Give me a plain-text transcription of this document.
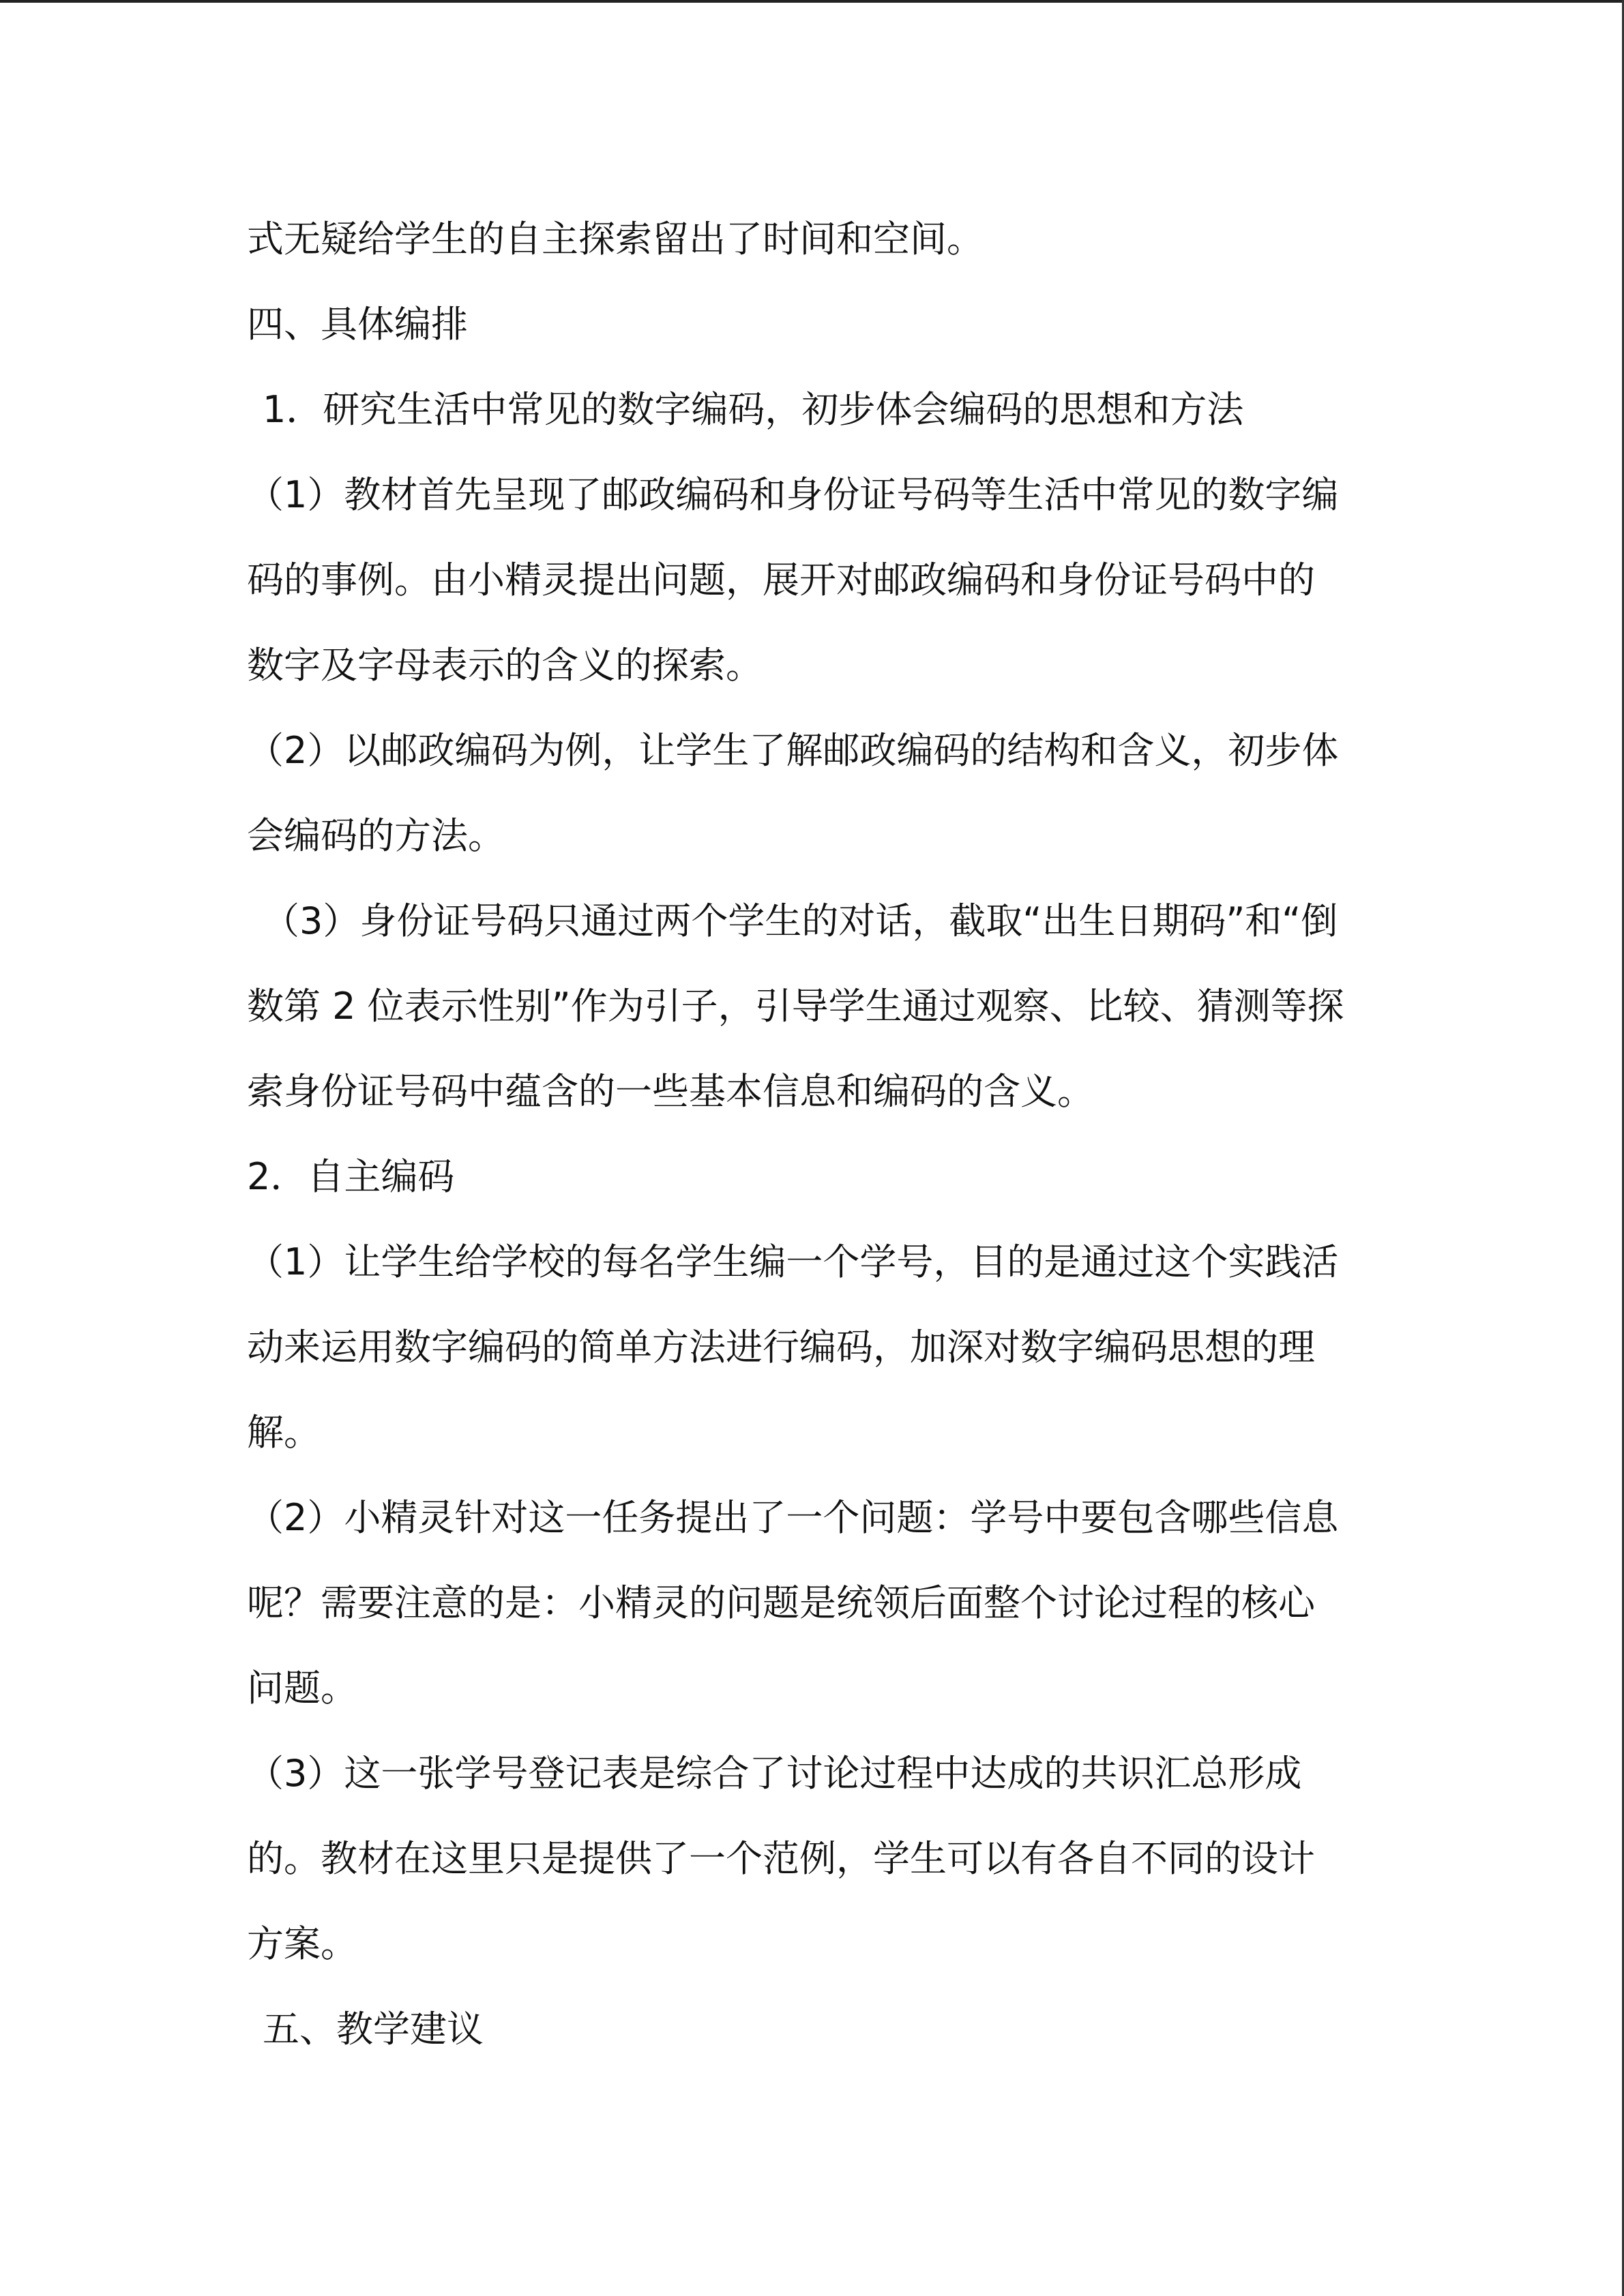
式无疑给学生的自主探索留出了时间和空间。
四、具体编排
1．研究生活中常见的数字编码，初步体会编码的思想和方法
（1）教材首先呈现了邮政编码和身份证号码等生活中常见的数字编
码的事例。由小精灵提出问题，展开对邮政编码和身份证号码中的
数字及字母表示的含义的探索。
（2）以邮政编码为例，让学生了解邮政编码的结构和含义，初步体
会编码的方法。
（3）身份证号码只通过两个学生的对话，截取“出生日期码”和“倒
数第 2 位表示性别”作为引子，引导学生通过观察、比较、猜测等探
索身份证号码中蕴含的一些基本信息和编码的含义。
2．自主编码
（1）让学生给学校的每名学生编一个学号，目的是通过这个实践活
动来运用数字编码的简单方法进行编码，加深对数字编码思想的理
解。
（2）小精灵针对这一任务提出了一个问题：学号中要包含哪些信息
呢？需要注意的是：小精灵的问题是统领后面整个讨论过程的核心
问题。
（3）这一张学号登记表是综合了讨论过程中达成的共识汇总形成
的。教材在这里只是提供了一个范例，学生可以有各自不同的设计
方案。
五、教学建议
